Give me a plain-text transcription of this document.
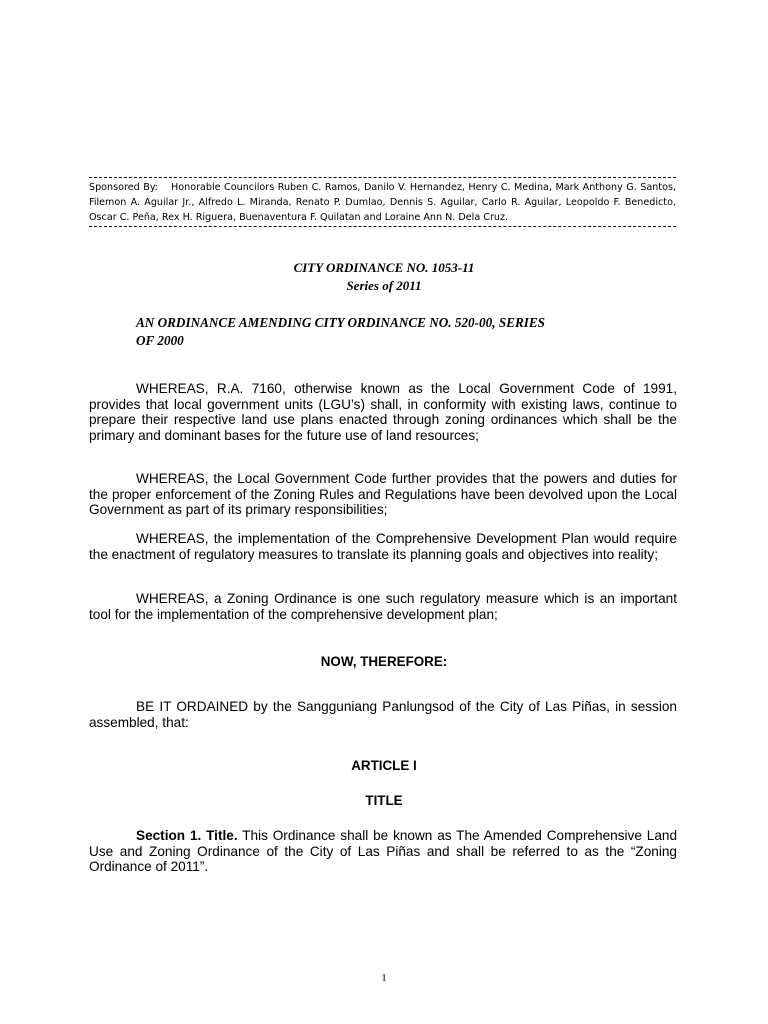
Sponsored By: Honorable Councilors Ruben C. Ramos, Danilo V. Hernandez, Henry C. Medina, Mark Anthony G. Santos, Filemon A. Aguilar Jr., Alfredo L. Miranda, Renato P. Dumlao, Dennis S. Aguilar, Carlo R. Aguilar, Leopoldo F. Benedicto, Oscar C. Peña, Rex H. Riguera, Buenaventura F. Quilatan and Loraine Ann N. Dela Cruz.
CITY ORDINANCE NO. 1053-11
Series of 2011
AN ORDINANCE AMENDING CITY ORDINANCE NO. 520-00, SERIES
OF 2000
WHEREAS, R.A. 7160, otherwise known as the Local Government Code of 1991, provides that local government units (LGU’s) shall, in conformity with existing laws, continue to prepare their respective land use plans enacted through zoning ordinances which shall be the primary and dominant bases for the future use of land resources;
WHEREAS, the Local Government Code further provides that the powers and duties for the proper enforcement of the Zoning Rules and Regulations have been devolved upon the Local Government as part of its primary responsibilities;
WHEREAS, the implementation of the Comprehensive Development Plan would require the enactment of regulatory measures to translate its planning goals and objectives into reality;
WHEREAS, a Zoning Ordinance is one such regulatory measure which is an important tool for the implementation of the comprehensive development plan;
NOW, THEREFORE:
BE IT ORDAINED by the Sangguniang Panlungsod of the City of Las Piñas, in session assembled, that:
ARTICLE I
TITLE
Section 1. Title. This Ordinance shall be known as The Amended Comprehensive Land Use and Zoning Ordinance of the City of Las Piñas and shall be referred to as the “Zoning Ordinance of 2011”.
1
